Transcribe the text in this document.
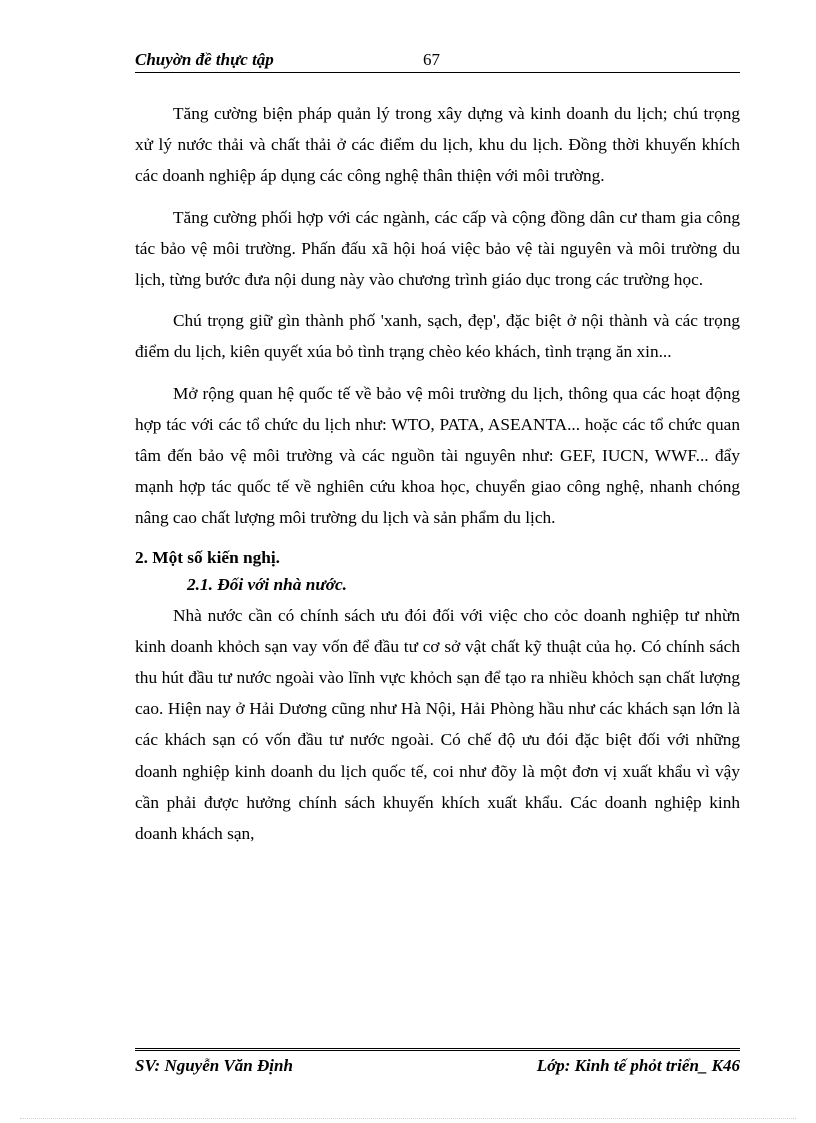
Chuyờn đề thực tập	67

Tăng cường biện pháp quản lý trong xây dựng và kinh doanh du lịch; chú trọng xử lý nước thải và chất thải ở các điểm du lịch, khu du lịch. Đồng thời khuyến khích các doanh nghiệp áp dụng các công nghệ thân thiện với môi trường.

Tăng cường phối hợp với các ngành, các cấp và cộng đồng dân cư tham gia công tác bảo vệ môi trường. Phấn đấu xã hội hoá việc bảo vệ tài nguyên và môi trường du lịch, từng bước đưa nội dung này vào chương trình giáo dục trong các trường học.

Chú trọng giữ gìn thành phố 'xanh, sạch, đẹp', đặc biệt ở nội thành và các trọng điểm du lịch, kiên quyết xúa bỏ tình trạng chèo kéo khách, tình trạng ăn xin...

Mở rộng quan hệ quốc tế về bảo vệ môi trường du lịch, thông qua các hoạt động hợp tác với các tổ chức du lịch như: WTO, PATA, ASEANTA... hoặc các tổ chức quan tâm đến bảo vệ môi trường và các nguồn tài nguyên như: GEF, IUCN, WWF... đẩy mạnh hợp tác quốc tế về nghiên cứu khoa học, chuyển giao công nghệ, nhanh chóng nâng cao chất lượng môi trường du lịch và sản phẩm du lịch.

2. Một số kiến nghị.
2.1. Đối với nhà nước.

Nhà nước cần có chính sách ưu đói đối với việc cho cỏc doanh nghiệp tư nhừn kinh doanh khỏch sạn vay vốn để đầu tư cơ sở vật chất kỹ thuật của họ. Có chính sách thu hút đầu tư nước ngoài vào lĩnh vực khỏch sạn để tạo ra nhiều khỏch sạn chất lượng cao. Hiện nay ở Hải Dương cũng như Hà Nội, Hải Phòng hầu như các khách sạn lớn là các khách sạn có vốn đầu tư nước ngoài. Có chế độ ưu đói đặc biệt đối với những doanh nghiệp kinh doanh du lịch quốc tế, coi như đõy là một đơn vị xuất khẩu vì vậy cần phải được hưởng chính sách khuyến khích xuất khẩu. Các doanh nghiệp kinh doanh khách sạn,

SV: Nguyễn Văn Định	Lớp: Kinh tế phỏt triển_ K46
